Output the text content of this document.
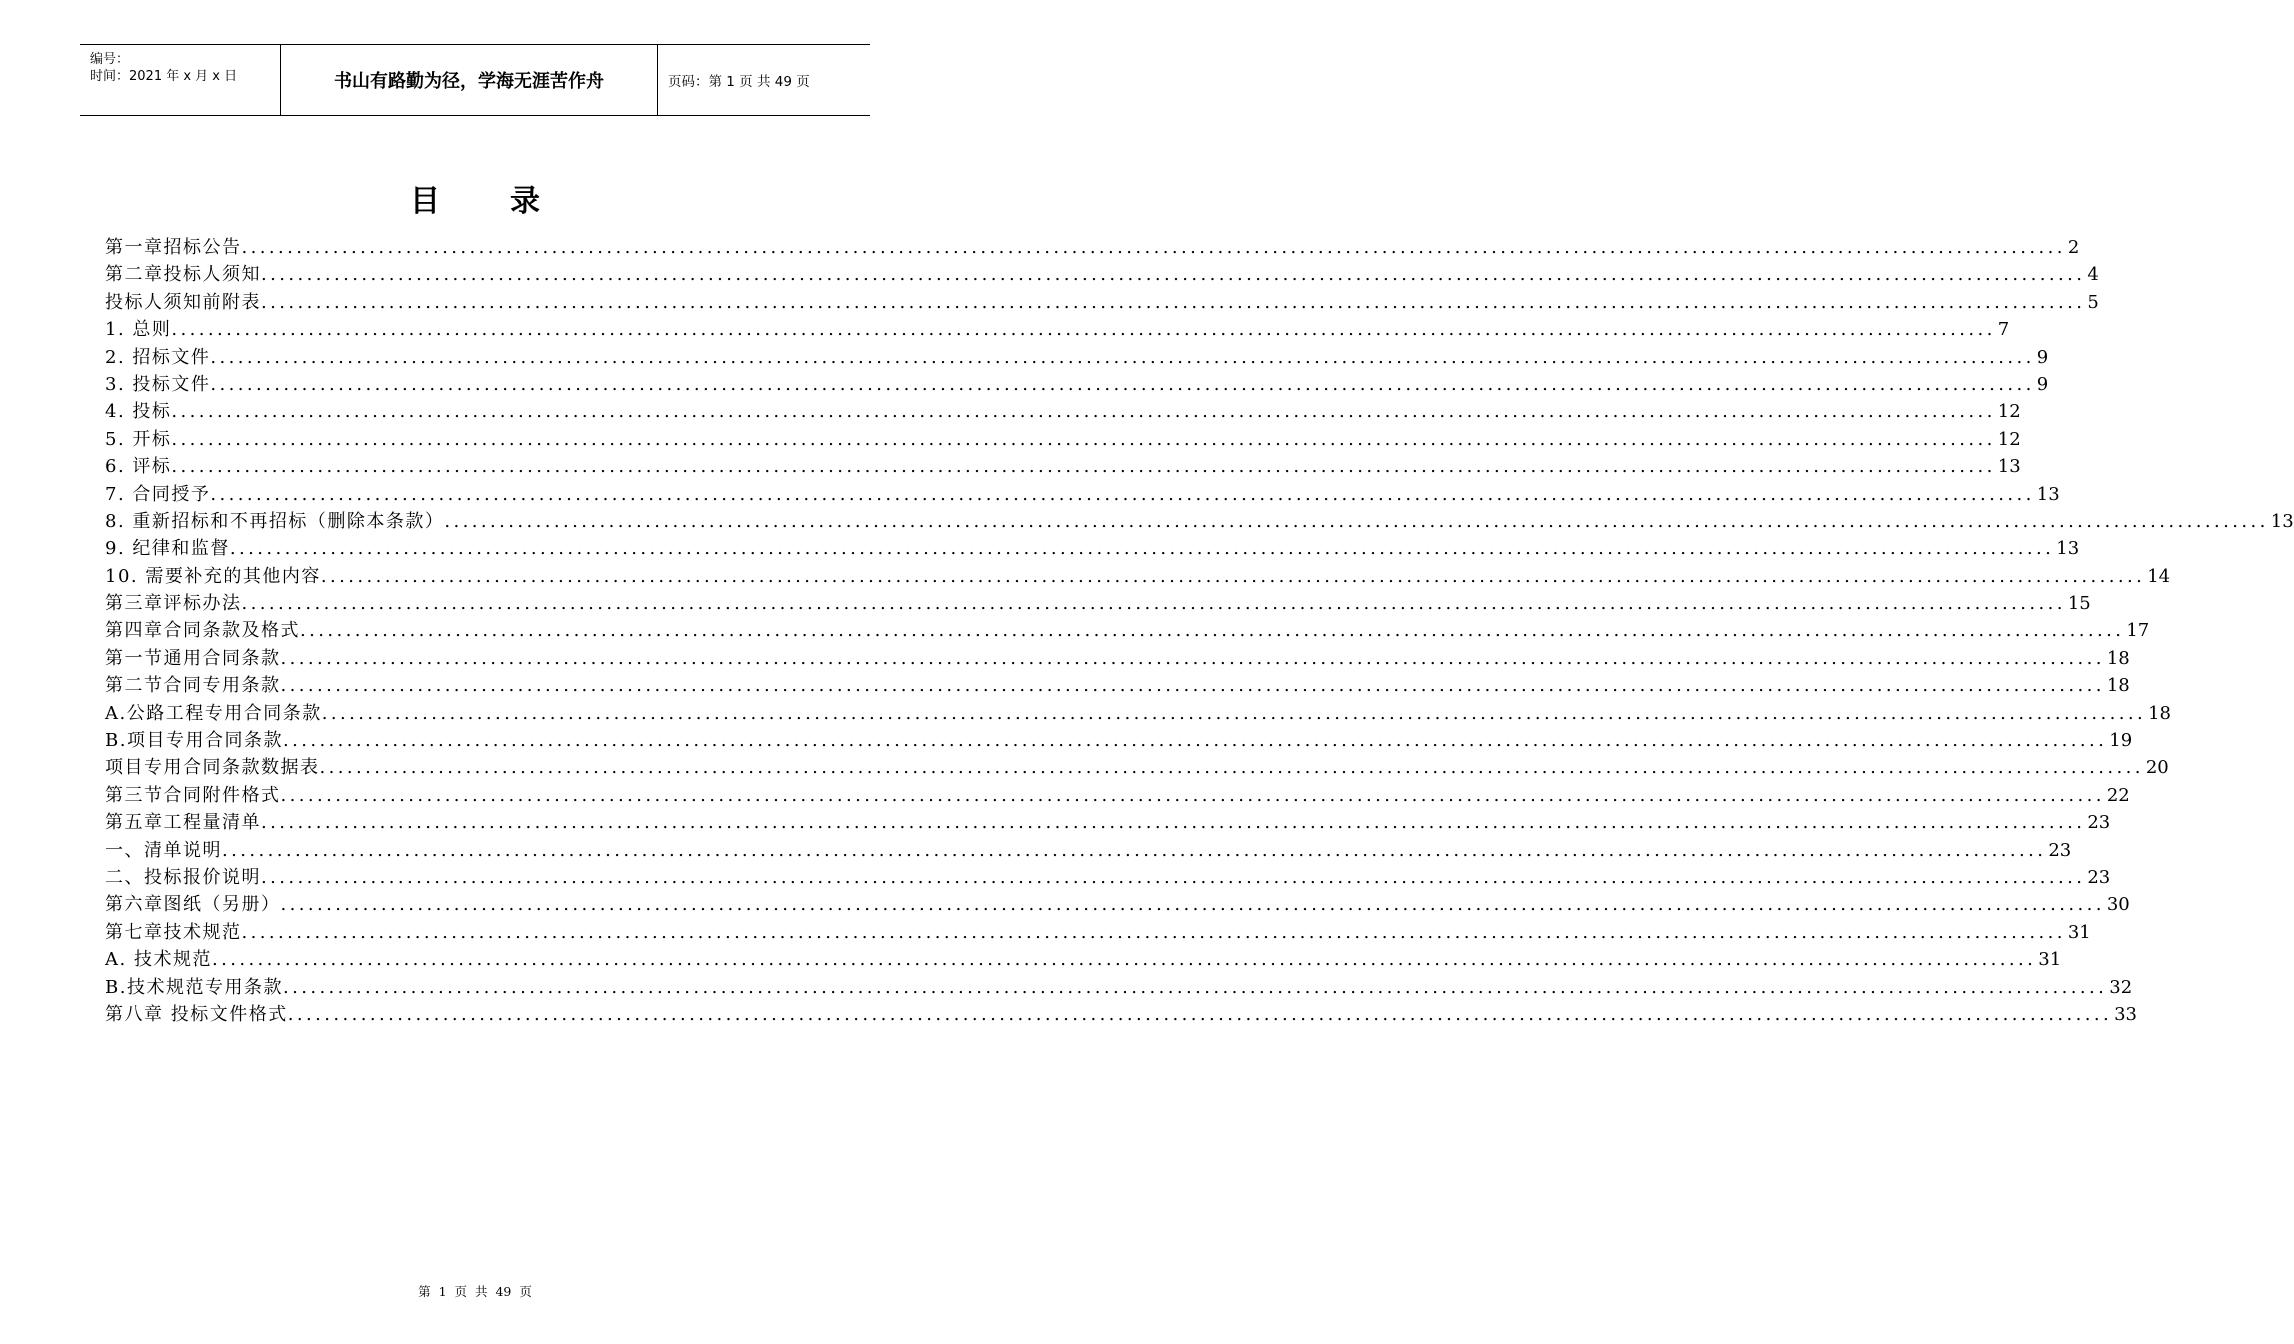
编号：
时间：2021 年 x 月 x 日	书山有路勤为径，学海无涯苦作舟	页码：第 1 页 共 49 页
目录
第一章招标公告 ........................................................................................................................................................................................................ 2
第二章投标人须知 ........................................................................................................................................................................................................ 4
投标人须知前附表 ........................................................................................................................................................................................................ 5
1. 总则 ........................................................................................................................................................................................................ 7
2. 招标文件 ........................................................................................................................................................................................................ 9
3. 投标文件 ........................................................................................................................................................................................................ 9
4. 投标 ........................................................................................................................................................................................................ 12
5. 开标 ........................................................................................................................................................................................................ 12
6. 评标 ........................................................................................................................................................................................................ 13
7. 合同授予 ........................................................................................................................................................................................................ 13
8. 重新招标和不再招标（删除本条款） ........................................................................................................................................................................................................ 13
9. 纪律和监督 ........................................................................................................................................................................................................ 13
10. 需要补充的其他内容 ........................................................................................................................................................................................................ 14
第三章评标办法 ........................................................................................................................................................................................................ 15
第四章合同条款及格式 ........................................................................................................................................................................................................ 17
第一节通用合同条款 ........................................................................................................................................................................................................ 18
第二节合同专用条款 ........................................................................................................................................................................................................ 18
A.公路工程专用合同条款 ........................................................................................................................................................................................................ 18
B.项目专用合同条款 ........................................................................................................................................................................................................ 19
项目专用合同条款数据表 ........................................................................................................................................................................................................ 20
第三节合同附件格式 ........................................................................................................................................................................................................ 22
第五章工程量清单 ........................................................................................................................................................................................................ 23
一、清单说明 ........................................................................................................................................................................................................ 23
二、投标报价说明 ........................................................................................................................................................................................................ 23
第六章图纸（另册） ........................................................................................................................................................................................................ 30
第七章技术规范 ........................................................................................................................................................................................................ 31
A. 技术规范 ........................................................................................................................................................................................................ 31
B.技术规范专用条款 ........................................................................................................................................................................................................ 32
第八章 投标文件格式 ........................................................................................................................................................................................................ 33
第 1 页 共 49 页
